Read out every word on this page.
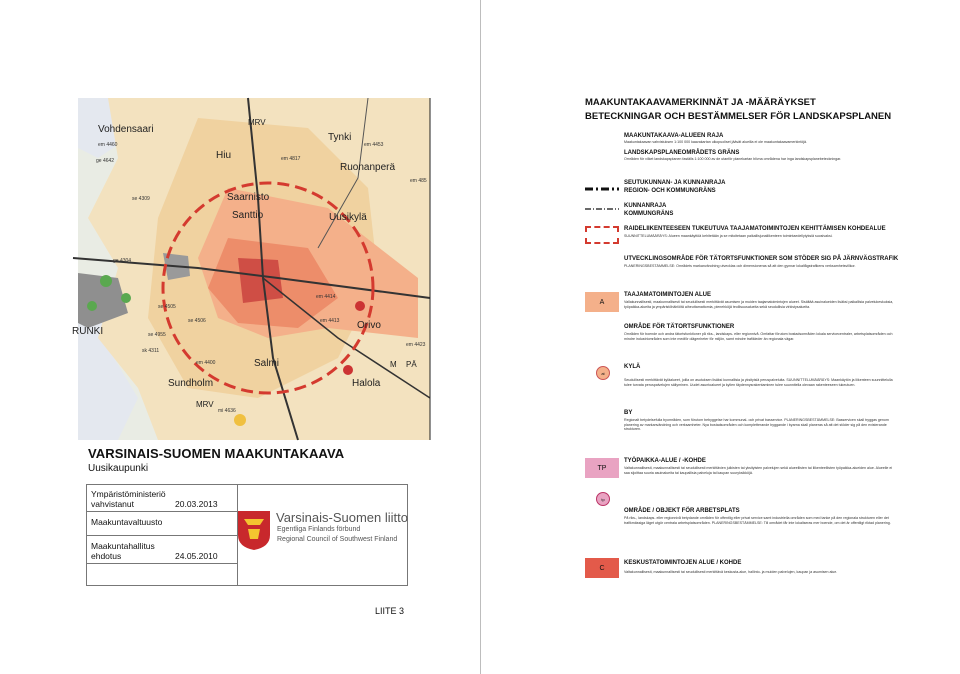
Vohdensaari
Hiu
MRV
Tynki
Ruonanperä
Saarnisto
Santtio	Uusikylä
Orivo
Salmi
Sundholm	Halola
RUNKI
MRV
M PÄ
em 4460
ge 4642	em 4817
em 4453
em 485
se 4309
ge 4304
em 4400
em 4413
em 4414
em 4423
sk 4311
se 4505
se 4506
se 4955
mi 4636
VARSINAIS-SUOMEN MAAKUNTAKAAVA
Uusikaupunki
Ympäristöministeriö
vahvistanut	20.03.2013
Maakuntavaltuusto
Maakuntahallitus
ehdotus	24.05.2010
Varsinais-Suomen liitto
Egentliga Finlands förbund
Regional Council of Southwest Finland
LIITE 3
MAAKUNTAKAAVAMERKINNÄT JA -MÄÄRÄYKSET
BETECKNINGAR OCH BESTÄMMELSER FÖR LANDSKAPSPLANEN
MAAKUNTAKAAVA-ALUEEN RAJA
Maakuntakaavan vahvistuksen 1:100 000 kaavakartan ulkopuoliset jäävät alueilla ei ole maakuntakaavamerkintöjä.
LANDSKAPSPLANEOMRÅDETS GRÄNS
Områden för vilket landskapsplanen faställs 1:100 000 av de utanför planekartan blivna områdena har inga landskapsplanebeteckningar.
SEUTUKUNNAN- JA KUNNANRAJA
REGION- OCH KOMMUNGRÄNS
KUNNANRAJA
KOMMUNGRÄNS
RAIDELIIKENTEESEEN TUKEUTUVA TAAJAMATOIMINTOJEN KEHITTÄMISEN KOHDEALUE
SUUNNITTELUMÄÄRÄYS: Alueen maankäyttöä kehitetään ja se mitoitetaan paikallisjunaliikenteen toimintaedellytyksiä suosivaksi.
UTVECKLINGSOMRÅDE FÖR TÄTORTSFUNKTIONER SOM STÖDER SIG PÅ JÄRNVÄGSTRAFIK
PLANERINGSBESTÄMMELSE: Områdets markanvändning utvecklas och dimensioneras så att den gynnar lokaltågstrafikens verksamhetsvillkor.
A
TAAJAMATOIMINTOJEN ALUE
Vallakunnallisesti, maakunnallisesti tai seudullisesti merkittävät asumisen ja muiden taajamatoimintojen alueet. Sisältää asuinalueiden lisäksi paikallisia palvelukeskuksia, työpaikka-alueita ja ympäristöhäiriöitä aiheuttamattomia, pienehköjä teollisuusalueita sekä seudullisia virkistysalueita.
OMRÅDE FÖR TÄTORTSFUNKTIONER
Områden för boende och andra tätortsfunktioner på riks-, landskaps- eller regionnivå. Omfattar förutom bostadsområden lokala servicecentraler, arbetsplatsområden och mindre industriområden som inte medför olägenheter för miljön, samt mindre trafikleder än regionala vägar.
at
KYLÄ
Seudullisesti merkittävät kyläalueet, joilla on asutuksen lisäksi kunnallisia ja yksityisiä peruspalveluita. SUUNNITTELUMÄÄRÄYS: Maankäytön ja liikenteen suunnittelulla tulee turvata peruspalvelujen säilyminen. Uudet asuntoalueet ja kylien täydennysrakentaminen tulee suunnitella olevaan rakenteeseen tukeutuen.
BY
Regionalt betydelsefulla byområden, som förutom bebyggelse har kommunal- och privat basservice. PLANERINGSBESTÄMMELSE: Basservicen skall tryggas genom planering av markanvändning och verksamheter. Nya bostadsområden och kompletterande byggande i byarna skall planeras så att det stöder sig på den existerande strukturen.
TP
tp
TYÖPAIKKA-ALUE / -KOHDE
Valtakunnallisesti, maakunnallisesti tai seudullisesti merkittävien julkisten tai yksityisten palvelujen sekä alueellisten tai liikenteellisten työpaikka-alueiden alue. Alueelle ei saa sijoittaa suuria asuinalueita tai kaupallisia palveluja tai kaupan suuryksikköjä.
OMRÅDE / OBJEKT FÖR ARBETSPLATS
På riks-, landskaps- eller regionnivå betydande områden för offentlig eller privat service samt industriella områden som med tanke på den regionala strukturen eller det trafikmässiga läget utgör centrala arbetsplatsområden. PLANERINGSBESTÄMMELSE: Till området får inte lokaliseras mer boende, om det är offentligt riktad planering.
C
KESKUSTATOIMINTOJEN ALUE / KOHDE
Valtakunnallisesti, maakunnallisesti tai seudullisesti merkittävä keskusta-alue, hallinto- ja muiden palvelujen, kaupan ja asumisen alue.
